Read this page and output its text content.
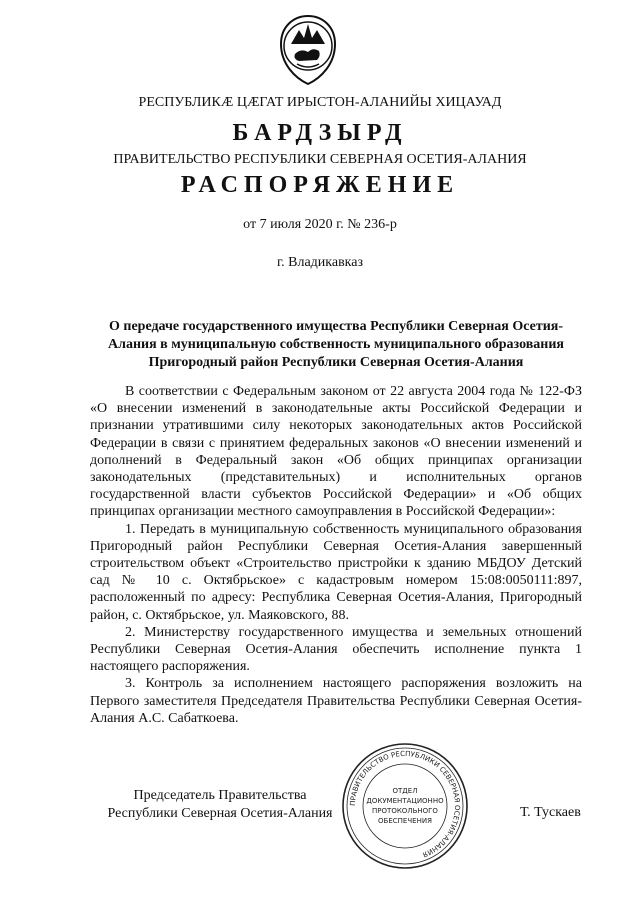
РЕСПУБЛИКӔ ЦӔГАТ ИРЫСТОН-АЛАНИЙЫ ХИЦАУАД
БАРДЗЫРД
ПРАВИТЕЛЬСТВО РЕСПУБЛИКИ СЕВЕРНАЯ ОСЕТИЯ-АЛАНИЯ
РАСПОРЯЖЕНИЕ
от 7 июля 2020 г. № 236-р
г. Владикавказ
О передаче государственного имущества Республики Северная Осетия-Алания в муниципальную собственность муниципального образования Пригородный район Республики Северная Осетия-Алания

В соответствии с Федеральным законом от 22 августа 2004 года № 122-ФЗ «О внесении изменений в законодательные акты Российской Федерации и признании утратившими силу некоторых законодательных актов Российской Федерации в связи с принятием федеральных законов «О внесении изменений и дополнений в Федеральный закон «Об общих принципах организации законодательных (представительных) и исполнительных органов государственной власти субъектов Российской Федерации» и «Об общих принципах организации местного самоуправления в Российской Федерации»:

1. Передать в муниципальную собственность муниципального образования Пригородный район Республики Северная Осетия-Алания завершенный строительством объект «Строительство пристройки к зданию МБДОУ Детский сад № 10 с. Октябрьское» с кадастровым номером 15:08:0050111:897, расположенный по адресу: Республика Северная Осетия-Алания, Пригородный район, с. Октябрьское, ул. Маяковского, 88.

2. Министерству государственного имущества и земельных отношений Республики Северная Осетия-Алания обеспечить исполнение пункта 1 настоящего распоряжения.

3. Контроль за исполнением настоящего распоряжения возложить на Первого заместителя Председателя Правительства Республики Северная Осетия-Алания А.С. Сабаткоева.

Председатель Правительства
Республики Северная Осетия-Алания
ПРАВИТЕЛЬСТВО РЕСПУБЛИКИ СЕВЕРНАЯ ОСЕТИЯ-АЛАНИЯ
ОТДЕЛ
ДОКУМЕНТАЦИОННО
ПРОТОКОЛЬНОГО
ОБЕСПЕЧЕНИЯ
Т. Тускаев
